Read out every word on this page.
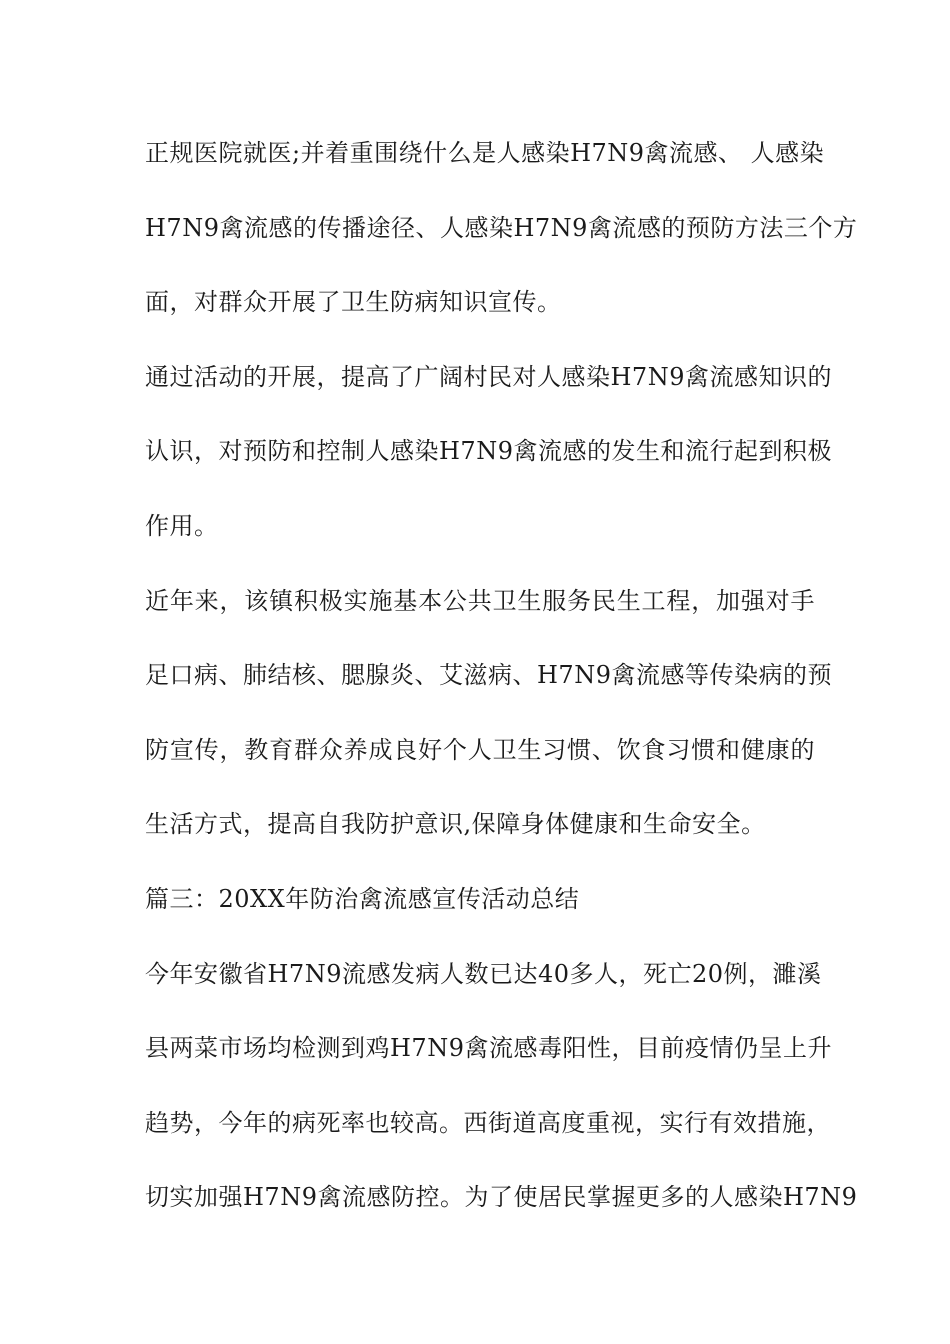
正规医院就医;并着重围绕什么是人感染H7N9禽流感、 人感染
H7N9禽流感的传播途径、人感染H7N9禽流感的预防方法三个方
面，对群众开展了卫生防病知识宣传。
通过活动的开展，提高了广阔村民对人感染H7N9禽流感知识的
认识，对预防和控制人感染H7N9禽流感的发生和流行起到积极
作用。
近年来，该镇积极实施基本公共卫生服务民生工程，加强对手
足口病、肺结核、腮腺炎、艾滋病、H7N9禽流感等传染病的预
防宣传，教育群众养成良好个人卫生习惯、饮食习惯和健康的
生活方式，提高自我防护意识,保障身体健康和生命安全。
篇三：20XX年防治禽流感宣传活动总结
今年安徽省H7N9流感发病人数已达40多人，死亡20例，濉溪
县两菜市场均检测到鸡H7N9禽流感毒阳性，目前疫情仍呈上升
趋势，今年的病死率也较高。西街道高度重视，实行有效措施，
切实加强H7N9禽流感防控。为了使居民掌握更多的人感染H7N9
